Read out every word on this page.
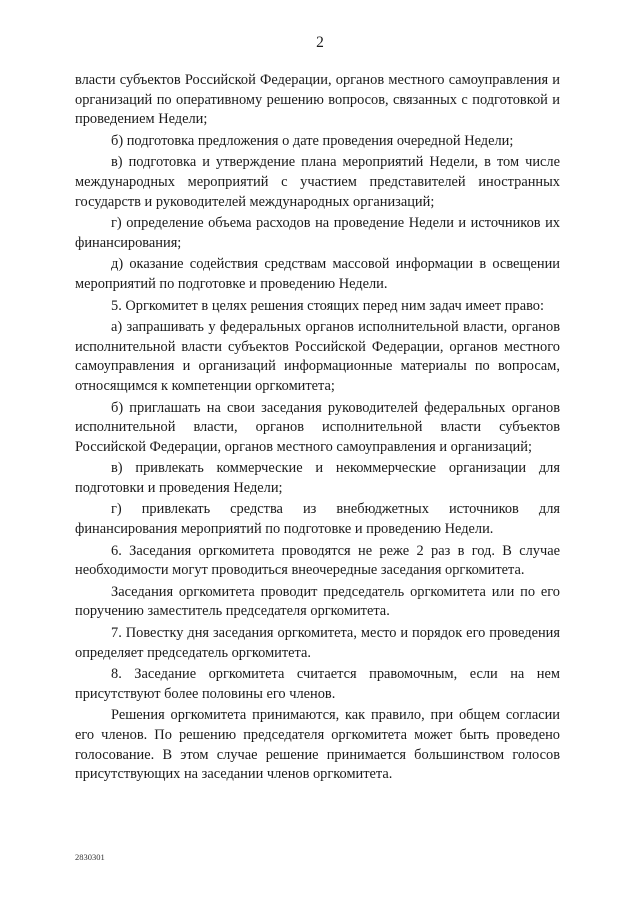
2

власти субъектов Российской Федерации, органов местного самоуправления и организаций по оперативному решению вопросов, связанных с подготовкой и проведением Недели;

б) подготовка предложения о дате проведения очередной Недели;

в) подготовка и утверждение плана мероприятий Недели, в том числе международных мероприятий с участием представителей иностранных государств и руководителей международных организаций;

г) определение объема расходов на проведение Недели и источников их финансирования;

д) оказание содействия средствам массовой информации в освещении мероприятий по подготовке и проведению Недели.

5. Оргкомитет в целях решения стоящих перед ним задач имеет право:

а) запрашивать у федеральных органов исполнительной власти, органов исполнительной власти субъектов Российской Федерации, органов местного самоуправления и организаций информационные материалы по вопросам, относящимся к компетенции оргкомитета;

б) приглашать на свои заседания руководителей федеральных органов исполнительной власти, органов исполнительной власти субъектов Российской Федерации, органов местного самоуправления и организаций;

в) привлекать коммерческие и некоммерческие организации для подготовки и проведения Недели;

г) привлекать средства из внебюджетных источников для финансирования мероприятий по подготовке и проведению Недели.

6. Заседания оргкомитета проводятся не реже 2 раз в год. В случае необходимости могут проводиться внеочередные заседания оргкомитета.

Заседания оргкомитета проводит председатель оргкомитета или по его поручению заместитель председателя оргкомитета.

7. Повестку дня заседания оргкомитета, место и порядок его проведения определяет председатель оргкомитета.

8. Заседание оргкомитета считается правомочным, если на нем присутствуют более половины его членов.

Решения оргкомитета принимаются, как правило, при общем согласии его членов. По решению председателя оргкомитета может быть проведено голосование. В этом случае решение принимается большинством голосов присутствующих на заседании членов оргкомитета.

2830301
